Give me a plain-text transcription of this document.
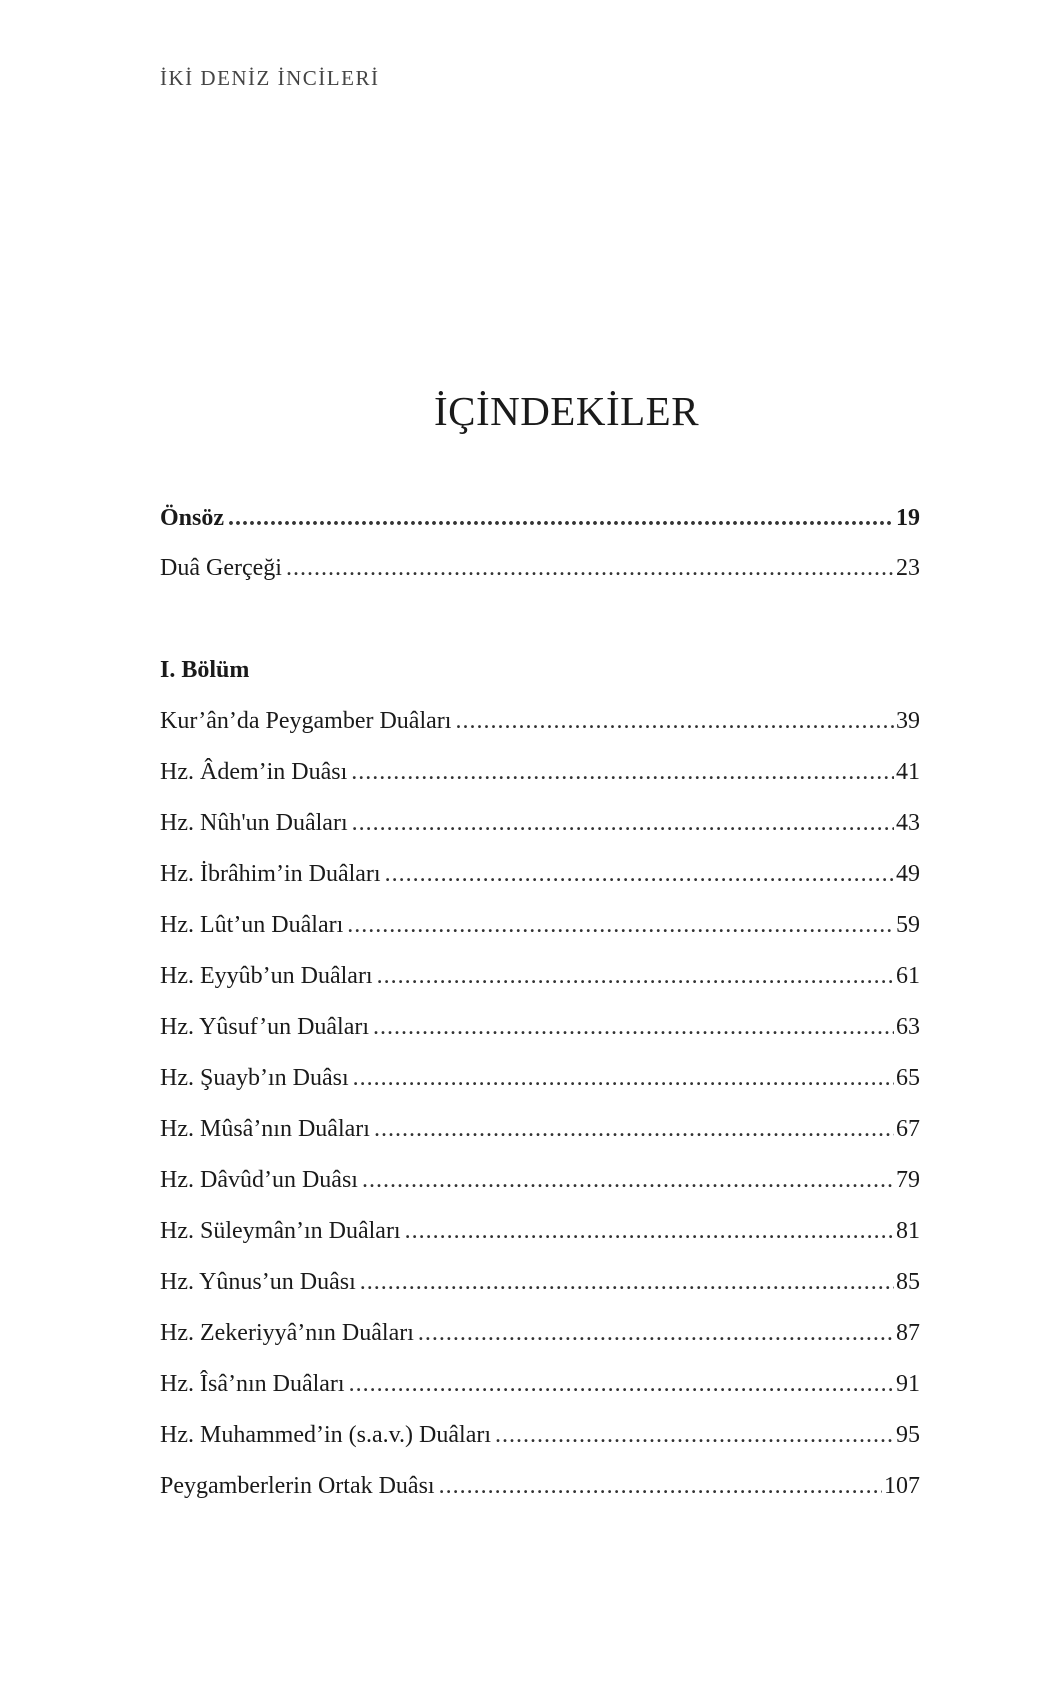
İKİ DENİZ İNCİLERİ
İÇİNDEKİLER
Önsöz .....	19
Duâ Gerçeği .....	23
I. Bölüm
Kur’ân’da Peygamber Duâları .....	39
Hz. Âdem’in Duâsı .....	41
Hz. Nûh'un Duâları .....	43
Hz. İbrâhim’in Duâları .....	49
Hz. Lût’un Duâları .....	59
Hz. Eyyûb’un Duâları .....	61
Hz. Yûsuf’un Duâları .....	63
Hz. Şuayb’ın Duâsı .....	65
Hz. Mûsâ’nın Duâları .....	67
Hz. Dâvûd’un Duâsı .....	79
Hz. Süleymân’ın Duâları .....	81
Hz. Yûnus’un Duâsı .....	85
Hz. Zekeriyyâ’nın Duâları .....	87
Hz. Îsâ’nın Duâları .....	91
Hz. Muhammed’in (s.a.v.) Duâları .....	95
Peygamberlerin Ortak Duâsı .....	107
